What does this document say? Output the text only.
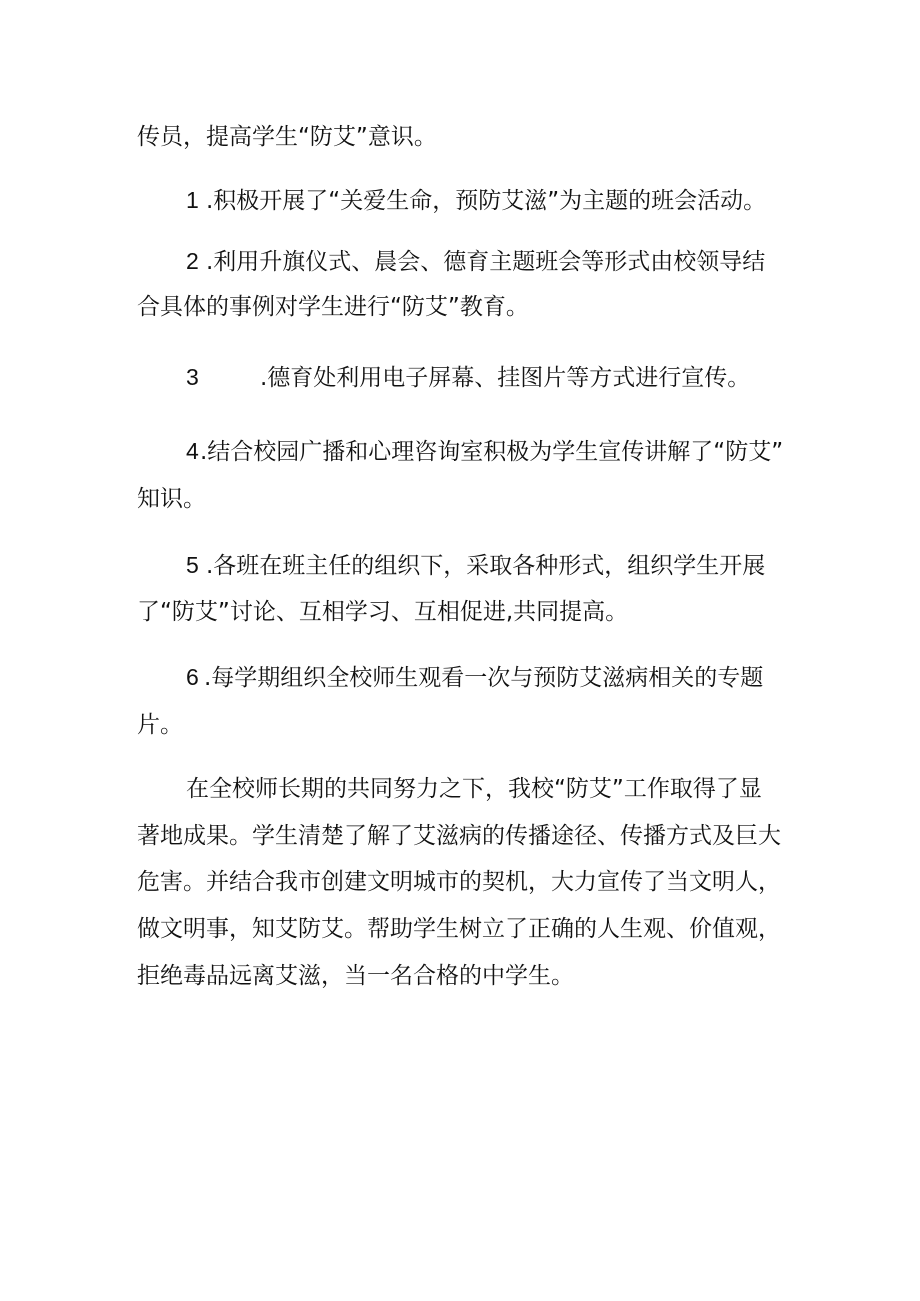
传员，提高学生“防艾”意识。
1 .积极开展了“关爱生命，预防艾滋”为主题的班会活动。
2 .利用升旗仪式、晨会、德育主题班会等形式由校领导结
合具体的事例对学生进行“防艾”教育。
3	.德育处利用电子屏幕、挂图片等方式进行宣传。
4.结合校园广播和心理咨询室积极为学生宣传讲解了“防艾”
知识。
5 .各班在班主任的组织下，采取各种形式，组织学生开展
了“防艾”讨论、互相学习、互相促进,共同提高。
6 .每学期组织全校师生观看一次与预防艾滋病相关的专题
片。
在全校师长期的共同努力之下，我校“防艾”工作取得了显
著地成果。学生清楚了解了艾滋病的传播途径、传播方式及巨大
危害。并结合我市创建文明城市的契机，大力宣传了当文明人，
做文明事，知艾防艾。帮助学生树立了正确的人生观、价值观，
拒绝毒品远离艾滋，当一名合格的中学生。
